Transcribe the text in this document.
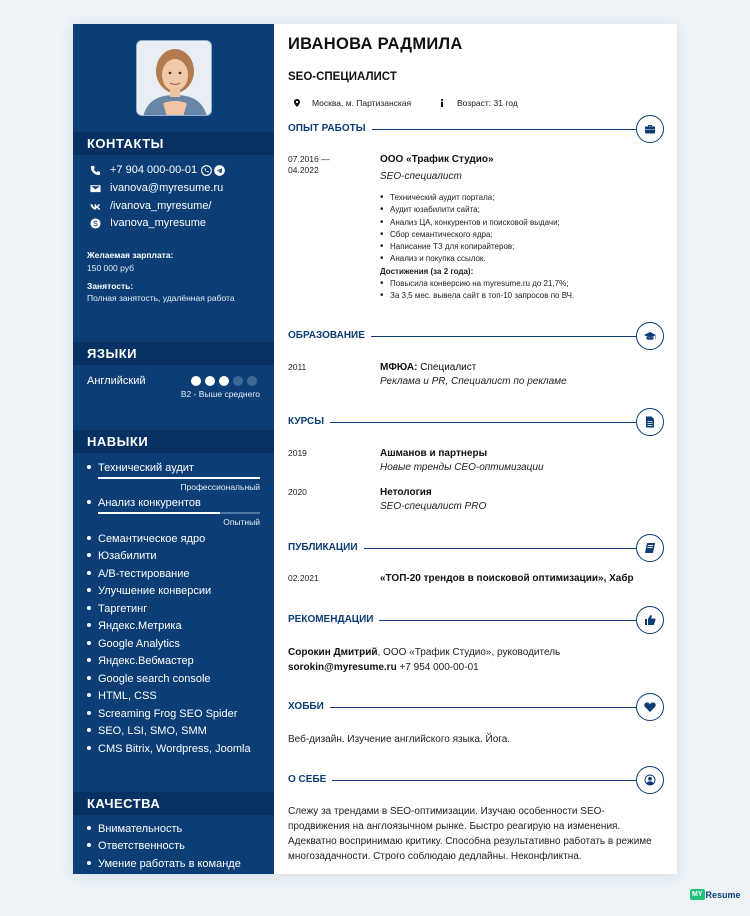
КОНТАКТЫ
+7 904 000-00-01
ivanova@myresume.ru
/ivanova_myresume/
Ivanova_myresume
Желаемая зарплата:
150 000 руб
Занятость:
Полная занятость, удалённая работа
ЯЗЫКИ
Английский
B2 - Выше среднего
НАВЫКИ
Технический аудит
Профессиональный
Анализ конкурентов
Опытный
Семантическое ядро
Юзабилити
A/B-тестирование
Улучшение конверсии
Таргетинг
Яндекс.Метрика
Google Analytics
Яндекс.Вебмастер
Google search console
HTML, CSS
Screaming Frog SEO Spider
SEO, LSI, SMO, SMM
CMS Bitrix, Wordpress, Joomla
КАЧЕСТВА
Внимательность
Ответственность
Умение работать в команде
ИВАНОВА РАДМИЛА
SEO-СПЕЦИАЛИСТ
Москва, м. Партизанская	Возраст: 31 год
ОПЫТ РАБОТЫ
07.2016 —
04.2022
ООО «Трафик Студио»
SEO-специалист
• Технический аудит портала;
• Аудит юзабилити сайта;
• Анализ ЦА, конкурентов и поисковой выдачи;
• Сбор семантического ядра;
• Написание ТЗ для копирайтеров;
• Анализ и покупка ссылок.
Достижения (за 2 года):
• Повысила конверсию на myresume.ru до 21,7%;
• За 3,5 мес. вывела сайт в топ-10 запросов по ВЧ.
ОБРАЗОВАНИЕ
2011	МФЮА: Специалист
Реклама и PR, Специалист по рекламе
КУРСЫ
2019	Ашманов и партнеры
Новые тренды СЕО-оптимизации
2020	Нетология
SEO-специалист PRO
ПУБЛИКАЦИИ
02.2021	«ТОП-20 трендов в поисковой оптимизации», Хабр
РЕКОМЕНДАЦИИ
Сорокин Дмитрий, ООО «Трафик Студио», руководитель
sorokin@myresume.ru +7 954 000-00-01
ХОББИ
Веб-дизайн. Изучение английского языка. Йога.
О СЕБЕ
Слежу за трендами в SEO-оптимизации. Изучаю особенности SEO-продвижения на англоязычном рынке. Быстро реагирую на изменения. Адекватно воспринимаю критику. Способна результативно работать в режиме многозадачности. Строго соблюдаю дедлайны. Неконфликтна.
MY Resume
